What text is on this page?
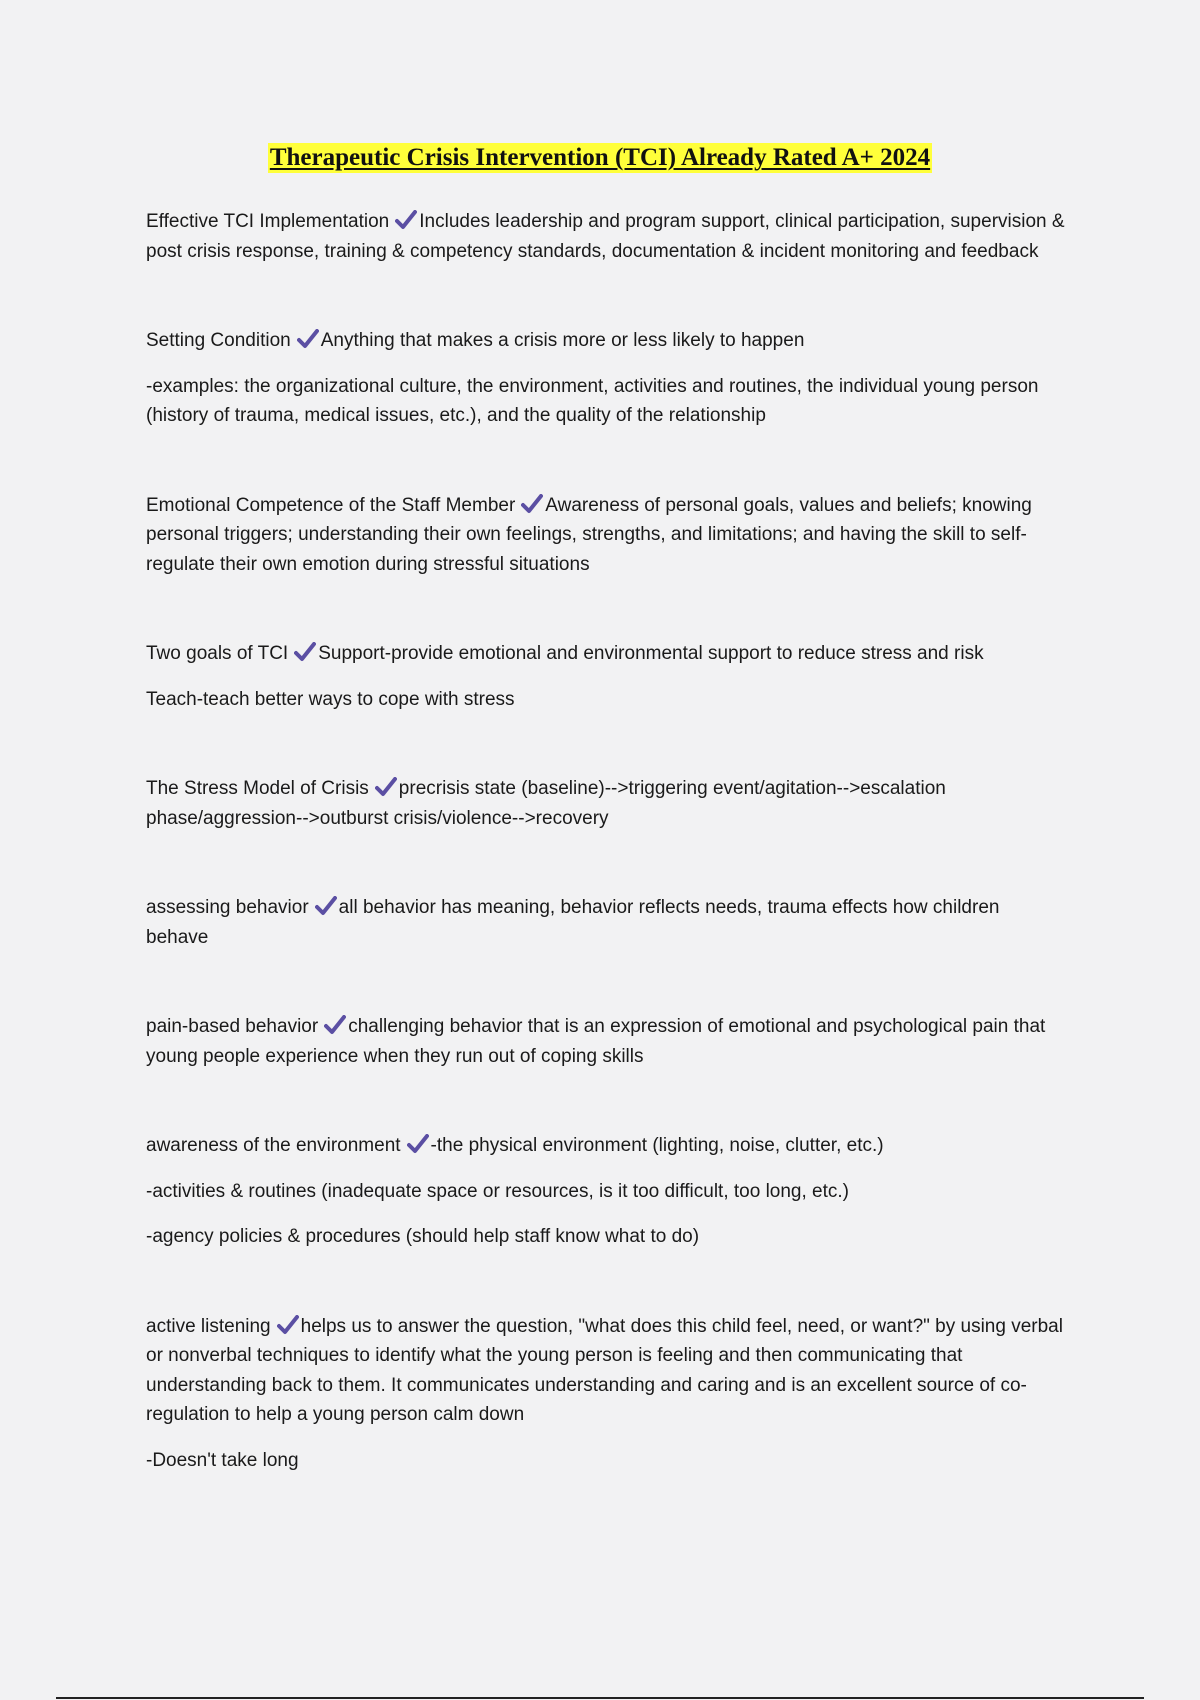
Therapeutic Crisis Intervention (TCI) Already Rated A+ 2024

Effective TCI Implementation Includes leadership and program support, clinical participation, supervision & post crisis response, training & competency standards, documentation & incident monitoring and feedback

Setting Condition Anything that makes a crisis more or less likely to happen

-examples: the organizational culture, the environment, activities and routines, the individual young person (history of trauma, medical issues, etc.), and the quality of the relationship

Emotional Competence of the Staff Member Awareness of personal goals, values and beliefs; knowing personal triggers; understanding their own feelings, strengths, and limitations; and having the skill to self-regulate their own emotion during stressful situations

Two goals of TCI Support-provide emotional and environmental support to reduce stress and risk

Teach-teach better ways to cope with stress

The Stress Model of Crisis precrisis state (baseline)-->triggering event/agitation-->escalation phase/aggression-->outburst crisis/violence-->recovery

assessing behavior all behavior has meaning, behavior reflects needs, trauma effects how children behave

pain-based behavior challenging behavior that is an expression of emotional and psychological pain that young people experience when they run out of coping skills

awareness of the environment -the physical environment (lighting, noise, clutter, etc.)

-activities & routines (inadequate space or resources, is it too difficult, too long, etc.)

-agency policies & procedures (should help staff know what to do)

active listening helps us to answer the question, "what does this child feel, need, or want?" by using verbal or nonverbal techniques to identify what the young person is feeling and then communicating that understanding back to them. It communicates understanding and caring and is an excellent source of co-regulation to help a young person calm down

-Doesn't take long
